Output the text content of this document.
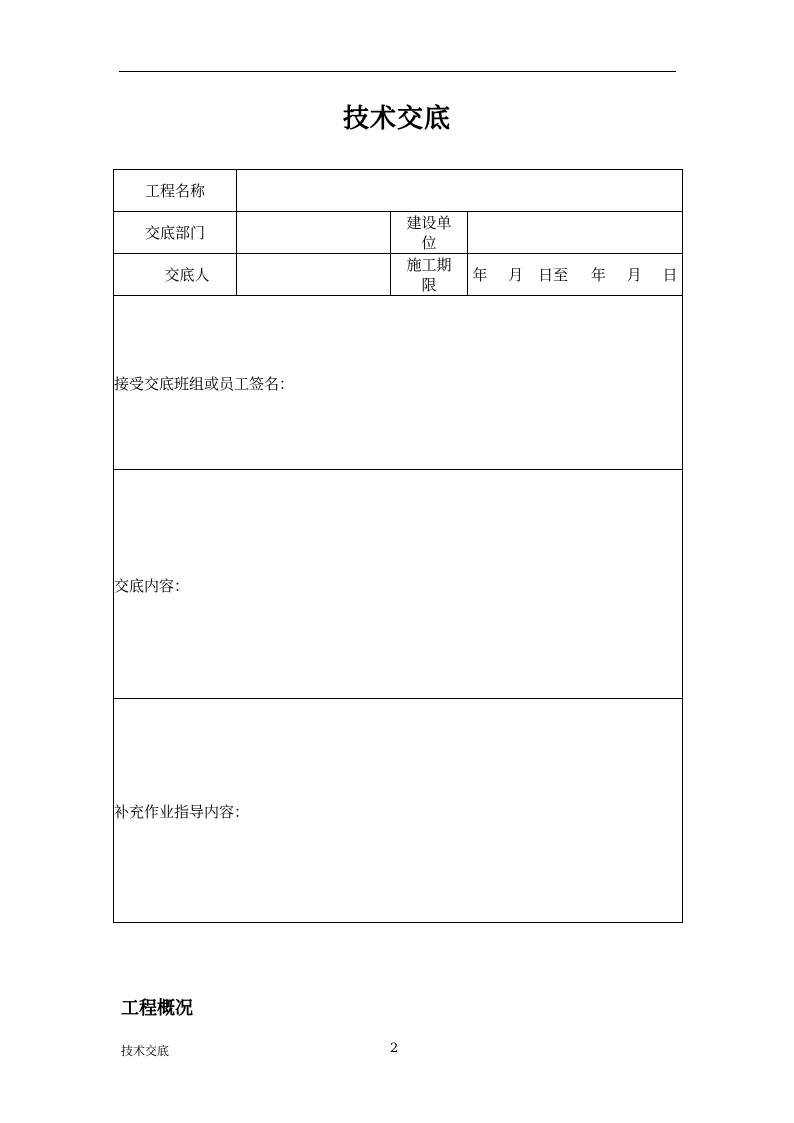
技术交底
工程名称			
交底部门		建设单位	
交底人		施工期限	年 月 日至 年 月 日

接受交底班组或员工签名：			

交底内容：			

补充作业指导内容：			
工程概况
技术交底	2
